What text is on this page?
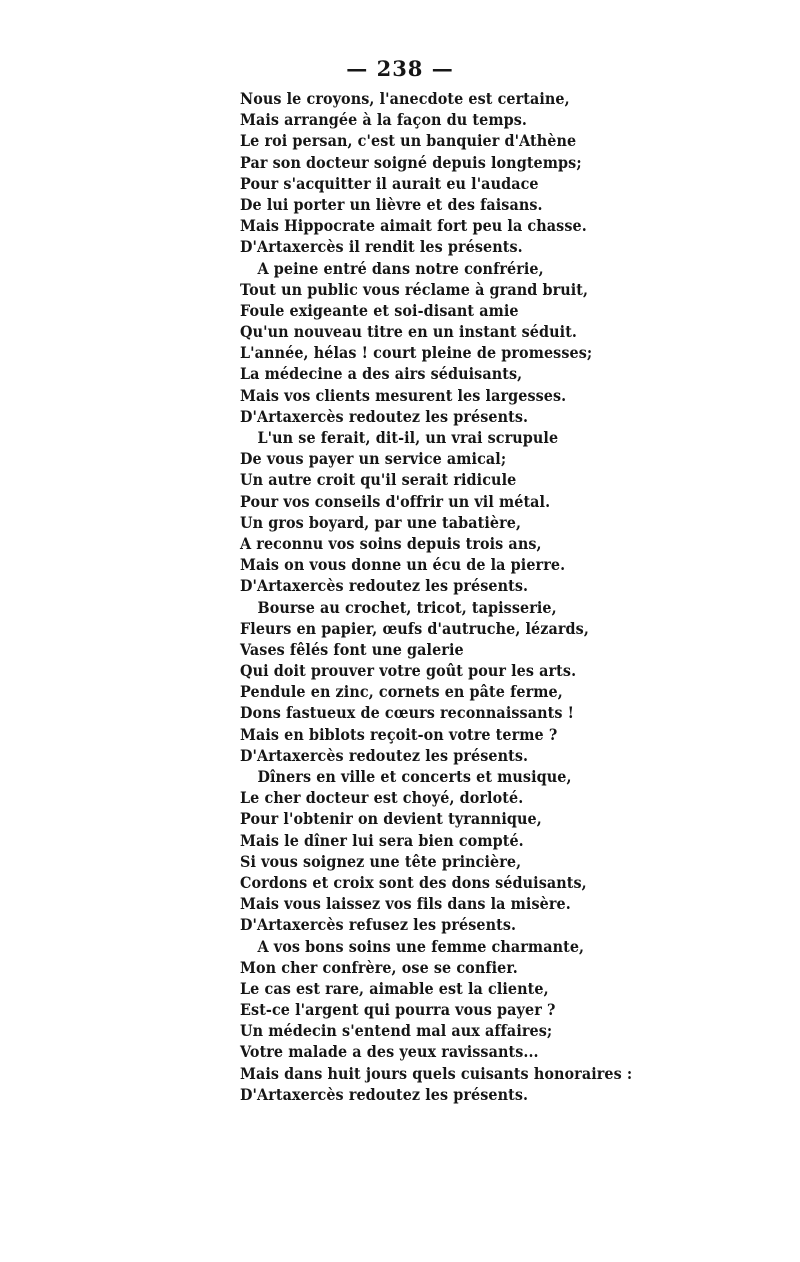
— 238 —
Nous le croyons, l'anecdote est certaine,
Mais arrangée à la façon du temps.
Le roi persan, c'est un banquier d'Athène
Par son docteur soigné depuis longtemps;
Pour s'acquitter il aurait eu l'audace
De lui porter un lièvre et des faisans.
Mais Hippocrate aimait fort peu la chasse.
D'Artaxercès il rendit les présents.
A peine entré dans notre confrérie,
Tout un public vous réclame à grand bruit,
Foule exigeante et soi-disant amie
Qu'un nouveau titre en un instant séduit.
L'année, hélas ! court pleine de promesses;
La médecine a des airs séduisants,
Mais vos clients mesurent les largesses.
D'Artaxercès redoutez les présents.
L'un se ferait, dit-il, un vrai scrupule
De vous payer un service amical;
Un autre croit qu'il serait ridicule
Pour vos conseils d'offrir un vil métal.
Un gros boyard, par une tabatière,
A reconnu vos soins depuis trois ans,
Mais on vous donne un écu de la pierre.
D'Artaxercès redoutez les présents.
Bourse au crochet, tricot, tapisserie,
Fleurs en papier, œufs d'autruche, lézards,
Vases fêlés font une galerie
Qui doit prouver votre goût pour les arts.
Pendule en zinc, cornets en pâte ferme,
Dons fastueux de cœurs reconnaissants !
Mais en biblots reçoit-on votre terme ?
D'Artaxercès redoutez les présents.
Dîners en ville et concerts et musique,
Le cher docteur est choyé, dorloté.
Pour l'obtenir on devient tyrannique,
Mais le dîner lui sera bien compté.
Si vous soignez une tête princière,
Cordons et croix sont des dons séduisants,
Mais vous laissez vos fils dans la misère.
D'Artaxercès refusez les présents.
A vos bons soins une femme charmante,
Mon cher confrère, ose se confier.
Le cas est rare, aimable est la cliente,
Est-ce l'argent qui pourra vous payer ?
Un médecin s'entend mal aux affaires;
Votre malade a des yeux ravissants...
Mais dans huit jours quels cuisants honoraires :
D'Artaxercès redoutez les présents.
